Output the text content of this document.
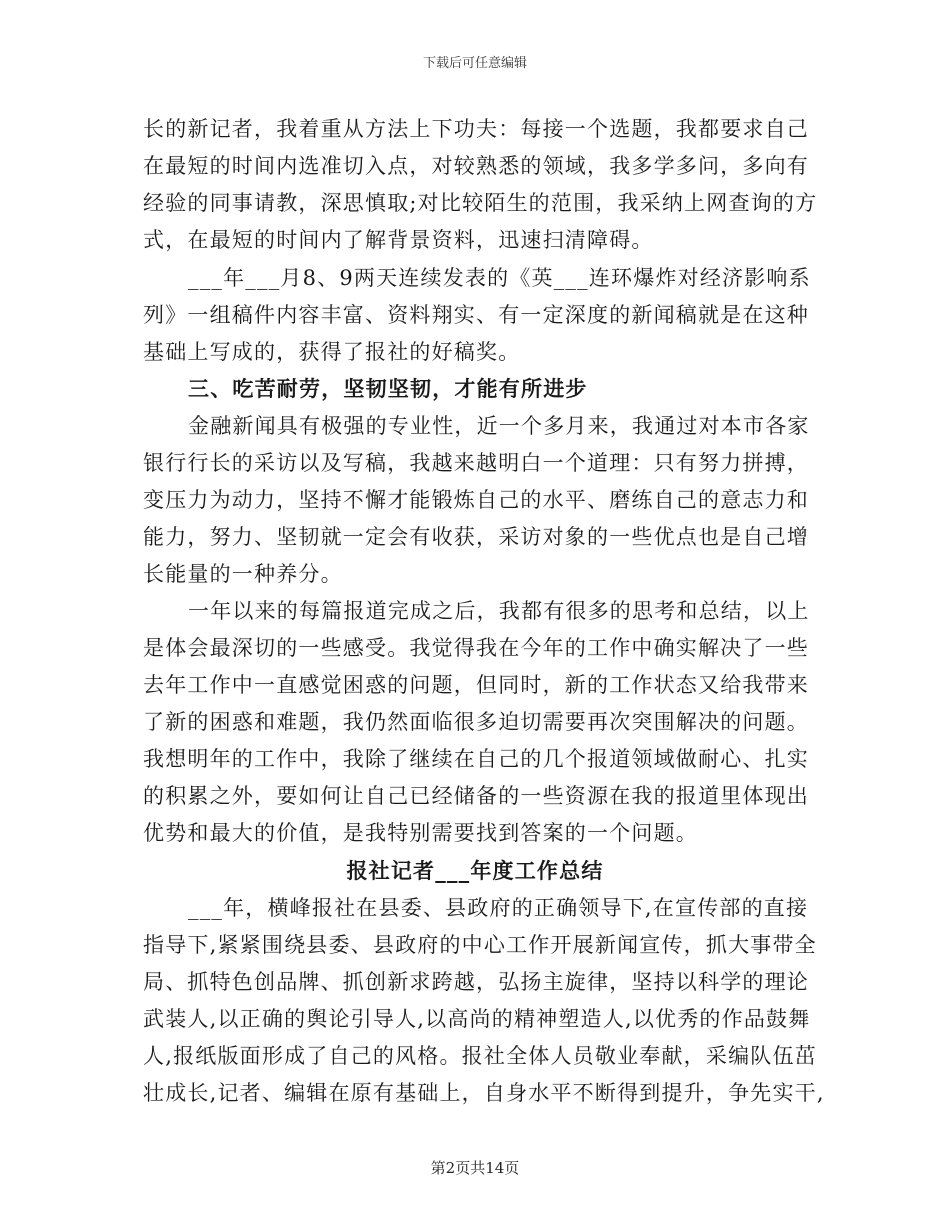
下载后可任意编辑
长的新记者，我着重从方法上下功夫：每接一个选题，我都要求自己
在最短的时间内选准切入点，对较熟悉的领域，我多学多问，多向有
经验的同事请教，深思慎取;对比较陌生的范围，我采纳上网查询的方
式，在最短的时间内了解背景资料，迅速扫清障碍。
___年___月8、9两天连续发表的《英___连环爆炸对经济影响系
列》一组稿件内容丰富、资料翔实、有一定深度的新闻稿就是在这种
基础上写成的，获得了报社的好稿奖。
三、吃苦耐劳，坚韧坚韧，才能有所进步
金融新闻具有极强的专业性，近一个多月来，我通过对本市各家
银行行长的采访以及写稿，我越来越明白一个道理：只有努力拼搏，
变压力为动力，坚持不懈才能锻炼自己的水平、磨练自己的意志力和
能力，努力、坚韧就一定会有收获，采访对象的一些优点也是自己增
长能量的一种养分。
一年以来的每篇报道完成之后，我都有很多的思考和总结，以上
是体会最深切的一些感受。我觉得我在今年的工作中确实解决了一些
去年工作中一直感觉困惑的问题，但同时，新的工作状态又给我带来
了新的困惑和难题，我仍然面临很多迫切需要再次突围解决的问题。
我想明年的工作中，我除了继续在自己的几个报道领域做耐心、扎实
的积累之外，要如何让自己已经储备的一些资源在我的报道里体现出
优势和最大的价值，是我特别需要找到答案的一个问题。
报社记者___年度工作总结
___年，横峰报社在县委、县政府的正确领导下,在宣传部的直接
指导下,紧紧围绕县委、县政府的中心工作开展新闻宣传，抓大事带全
局、抓特色创品牌、抓创新求跨越，弘扬主旋律，坚持以科学的理论
武装人,以正确的舆论引导人,以高尚的精神塑造人,以优秀的作品鼓舞
人,报纸版面形成了自己的风格。报社全体人员敬业奉献，采编队伍茁
壮成长,记者、编辑在原有基础上，自身水平不断得到提升，争先实干,
第2页共14页
